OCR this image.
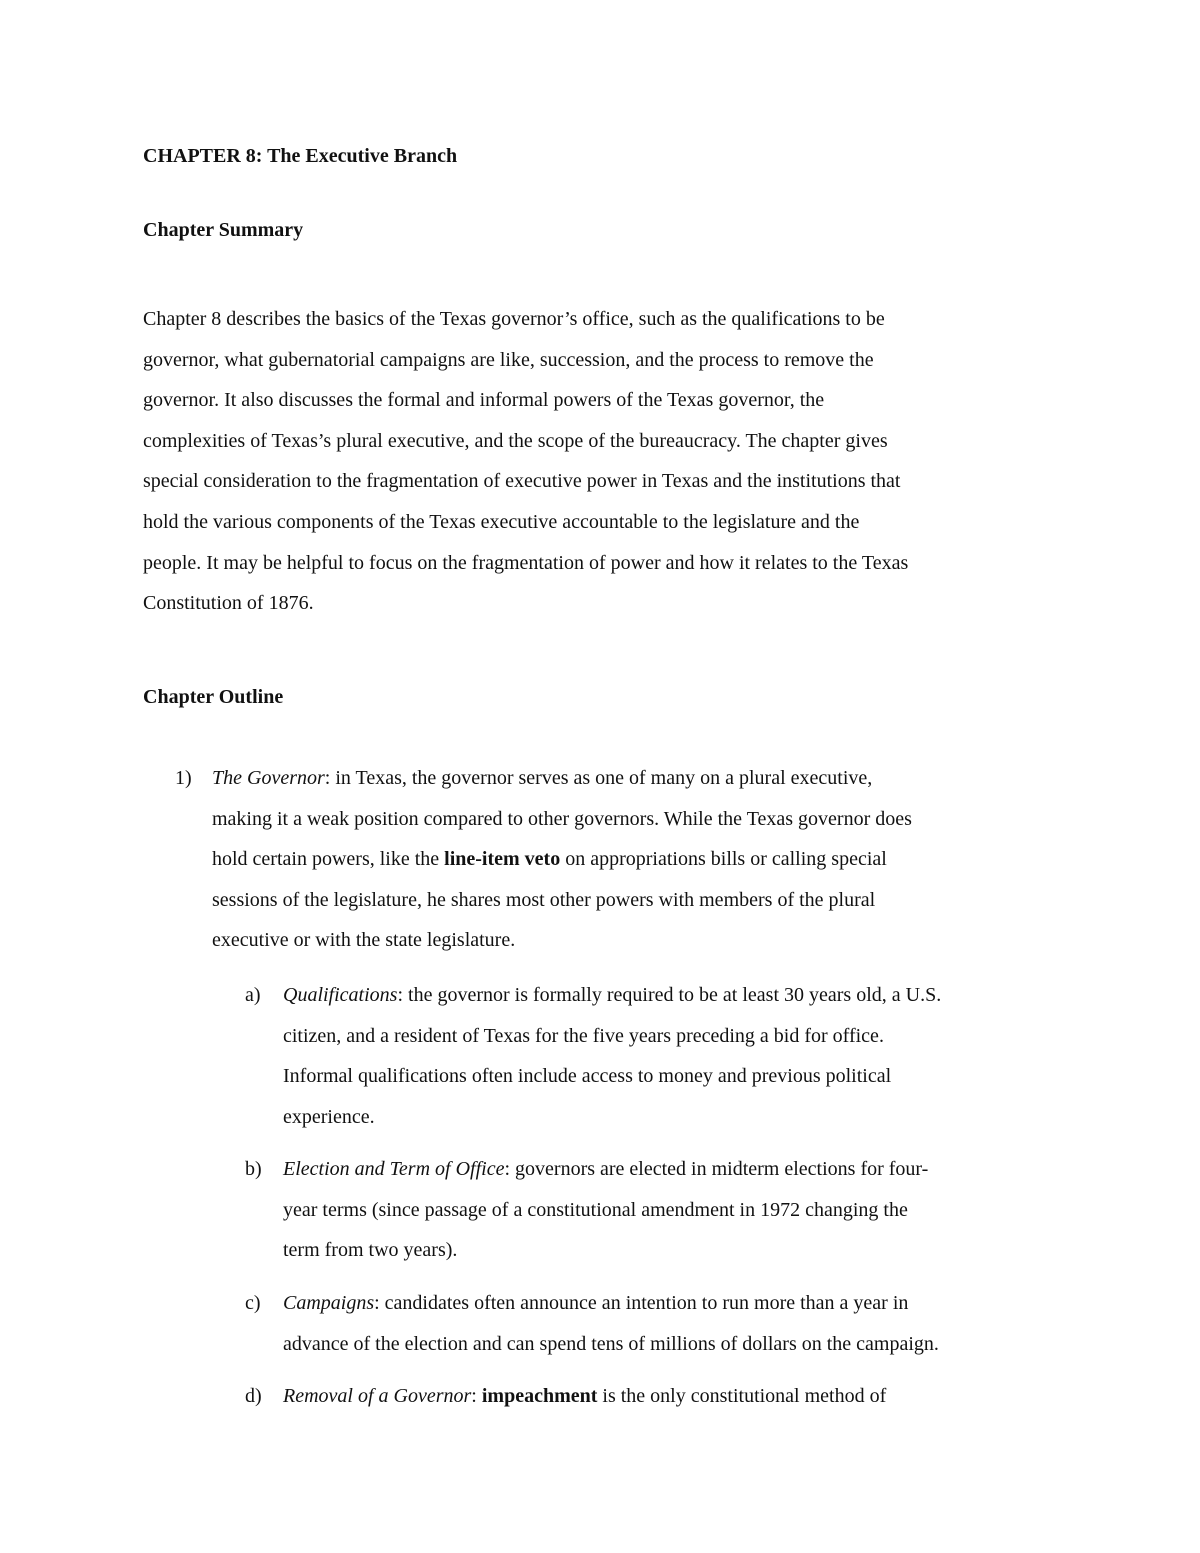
CHAPTER 8: The Executive Branch
Chapter Summary

Chapter 8 describes the basics of the Texas governor’s office, such as the qualifications to be
governor, what gubernatorial campaigns are like, succession, and the process to remove the
governor. It also discusses the formal and informal powers of the Texas governor, the
complexities of Texas’s plural executive, and the scope of the bureaucracy. The chapter gives
special consideration to the fragmentation of executive power in Texas and the institutions that
hold the various components of the Texas executive accountable to the legislature and the
people. It may be helpful to focus on the fragmentation of power and how it relates to the Texas
Constitution of 1876.

Chapter Outline
1) The Governor: in Texas, the governor serves as one of many on a plural executive,
making it a weak position compared to other governors. While the Texas governor does
hold certain powers, like the line-item veto on appropriations bills or calling special
sessions of the legislature, he shares most other powers with members of the plural
executive or with the state legislature.
a) Qualifications: the governor is formally required to be at least 30 years old, a U.S.
citizen, and a resident of Texas for the five years preceding a bid for office.
Informal qualifications often include access to money and previous political
experience.
b) Election and Term of Office: governors are elected in midterm elections for four-
year terms (since passage of a constitutional amendment in 1972 changing the
term from two years).
c) Campaigns: candidates often announce an intention to run more than a year in
advance of the election and can spend tens of millions of dollars on the campaign.
d) Removal of a Governor: impeachment is the only constitutional method of
